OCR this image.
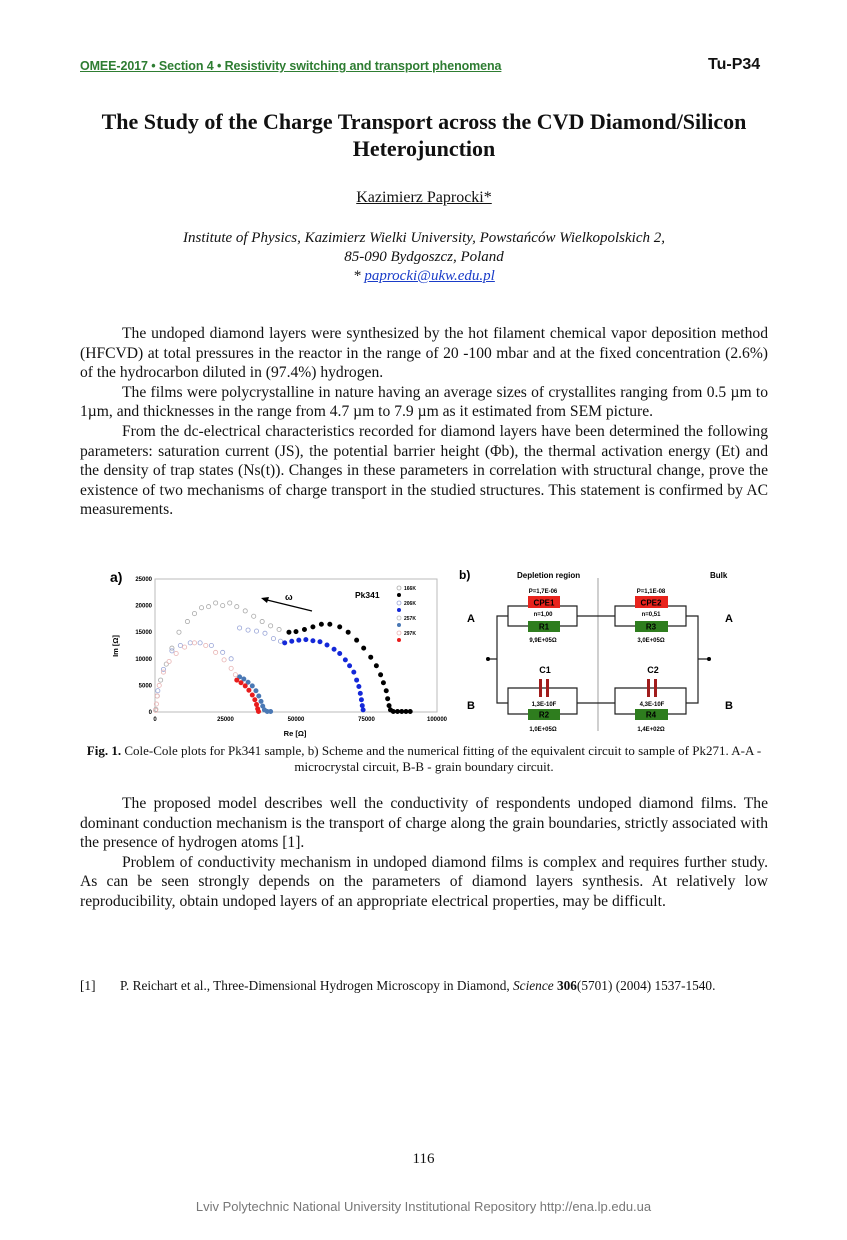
OMEE-2017 • Section 4 • Resistivity switching and transport phenomena	Tu-P34
The Study of the Charge Transport across the CVD Diamond/Silicon Heterojunction
Kazimierz Paprocki*
Institute of Physics, Kazimierz Wielki University, Powstańców Wielkopolskich 2,
85-090 Bydgoszcz, Poland
* paprocki@ukw.edu.pl

The undoped diamond layers were synthesized by the hot filament chemical vapor deposition method (HFCVD) at total pressures in the reactor in the range of 20 -100 mbar and at the fixed concentration (2.6%) of the hydrocarbon diluted in (97.4%) hydrogen.

The films were polycrystalline in nature having an average sizes of crystallites ranging from 0.5 µm to 1µm, and thicknesses in the range from 4.7 µm to 7.9 µm as it estimated from SEM picture.

From the dc-electrical characteristics recorded for diamond layers have been determined the following parameters: saturation current (JS), the potential barrier height (Φb), the thermal activation energy (Et) and the density of trap states (Ns(t)). Changes in these parameters in correlation with structural change, prove the existence of two mechanisms of charge transport in the studied structures. This statement is confirmed by AC measurements.

a)
0	25000	50000	75000	100000
0
5000
10000
15000
20000
25000
Pk341
ω
Re [Ω]
Im [Ω]
166K
206K
257K
297K
b)	Depletion region	Bulk
A	A
B	B
P=1,7E-06
CPE1
n=1,00
R1
9,9E+05Ω
P=1,1E-08
CPE2
n=0,51
R3
3,0E+05Ω
C1
1,3E-10F
R2
1,0E+05Ω
C2
4,3E-10F
R4
1,4E+02Ω
Fig. 1. Cole-Cole plots for Pk341 sample, b) Scheme and the numerical fitting of the equivalent circuit to sample of Pk271. A-A - microcrystal circuit, B-B - grain boundary circuit.

The proposed model describes well the conductivity of respondents undoped diamond films. The dominant conduction mechanism is the transport of charge along the grain boundaries, strictly associated with the presence of hydrogen atoms [1].

Problem of conductivity mechanism in undoped diamond films is complex and requires further study. As can be seen strongly depends on the parameters of diamond layers synthesis. At relatively low reproducibility, obtain undoped layers of an appropriate electrical properties, may be difficult.

[1]	P. Reichart et al., Three-Dimensional Hydrogen Microscopy in Diamond, Science 306(5701) (2004) 1537-1540.
116
Lviv Polytechnic National University Institutional Repository http://ena.lp.edu.ua
